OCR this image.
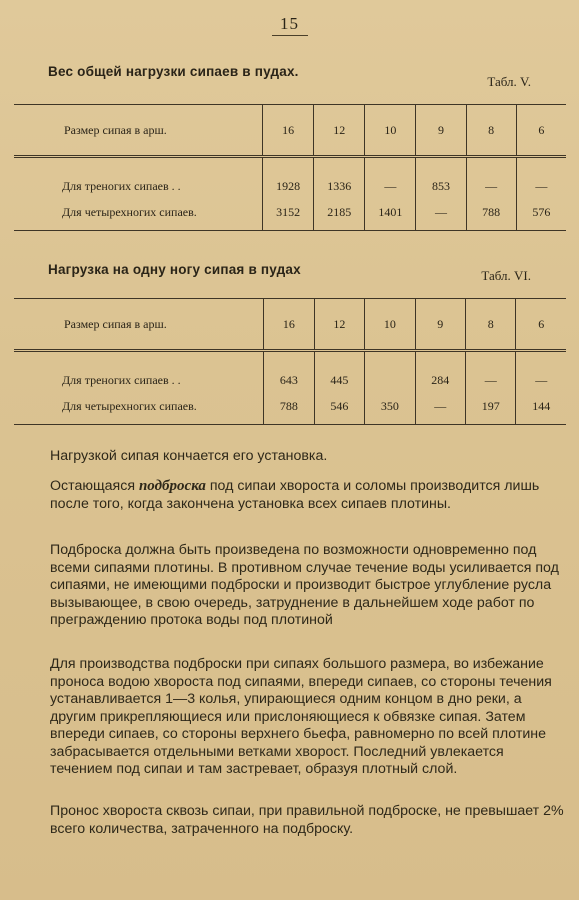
15
Вес общей нагрузки сипаев в пудах.
Табл. V.
Размер сипая в арш.	16	12	10	9	8	6
Для треногих сипаев . .	1928	1336	—	853	—	—
Для четырехногих сипаев.	3152	2185	1401	—	788	576
Нагрузка на одну ногу сипая в пудах	Табл. VI.
Размер сипая в арш.	16	12	10	9	8	6
Для треногих сипаев . .	643	445		284	—	—
Для четырехногих сипаев.	788	546	350	—	197	144
Нагрузкой сипая кончается его установка.
Остающаяся подброска под сипаи хвороста и соломы производится лишь после того, когда закончена установка всех сипаев плотины.
Подброска должна быть произведена по возможности одновременно под всеми сипаями плотины. В противном случае течение воды усиливается под сипаями, не имеющими подброски и производит быстрое углубление русла вызывающее, в свою очередь, затруднение в дальнейшем ходе работ по преграждению протока воды под плотиной
Для производства подброски при сипаях большого размера, во избежание проноса водою хвороста под сипаями, впереди сипаев, со стороны течения устанавливается 1—3 колья, упирающиеся одним концом в дно реки, а другим прикрепляющиеся или прислоняющиеся к обвязке сипая. Затем впереди сипаев, со стороны верхнего бьефа, равномерно по всей плотине забрасывается отдельными ветками хворост. Последний увлекается течением под сипаи и там застревает, образуя плотный слой.
Пронос хвороста сквозь сипаи, при правильной подброске, не превышает 2% всего количества, затраченного на подброску.
